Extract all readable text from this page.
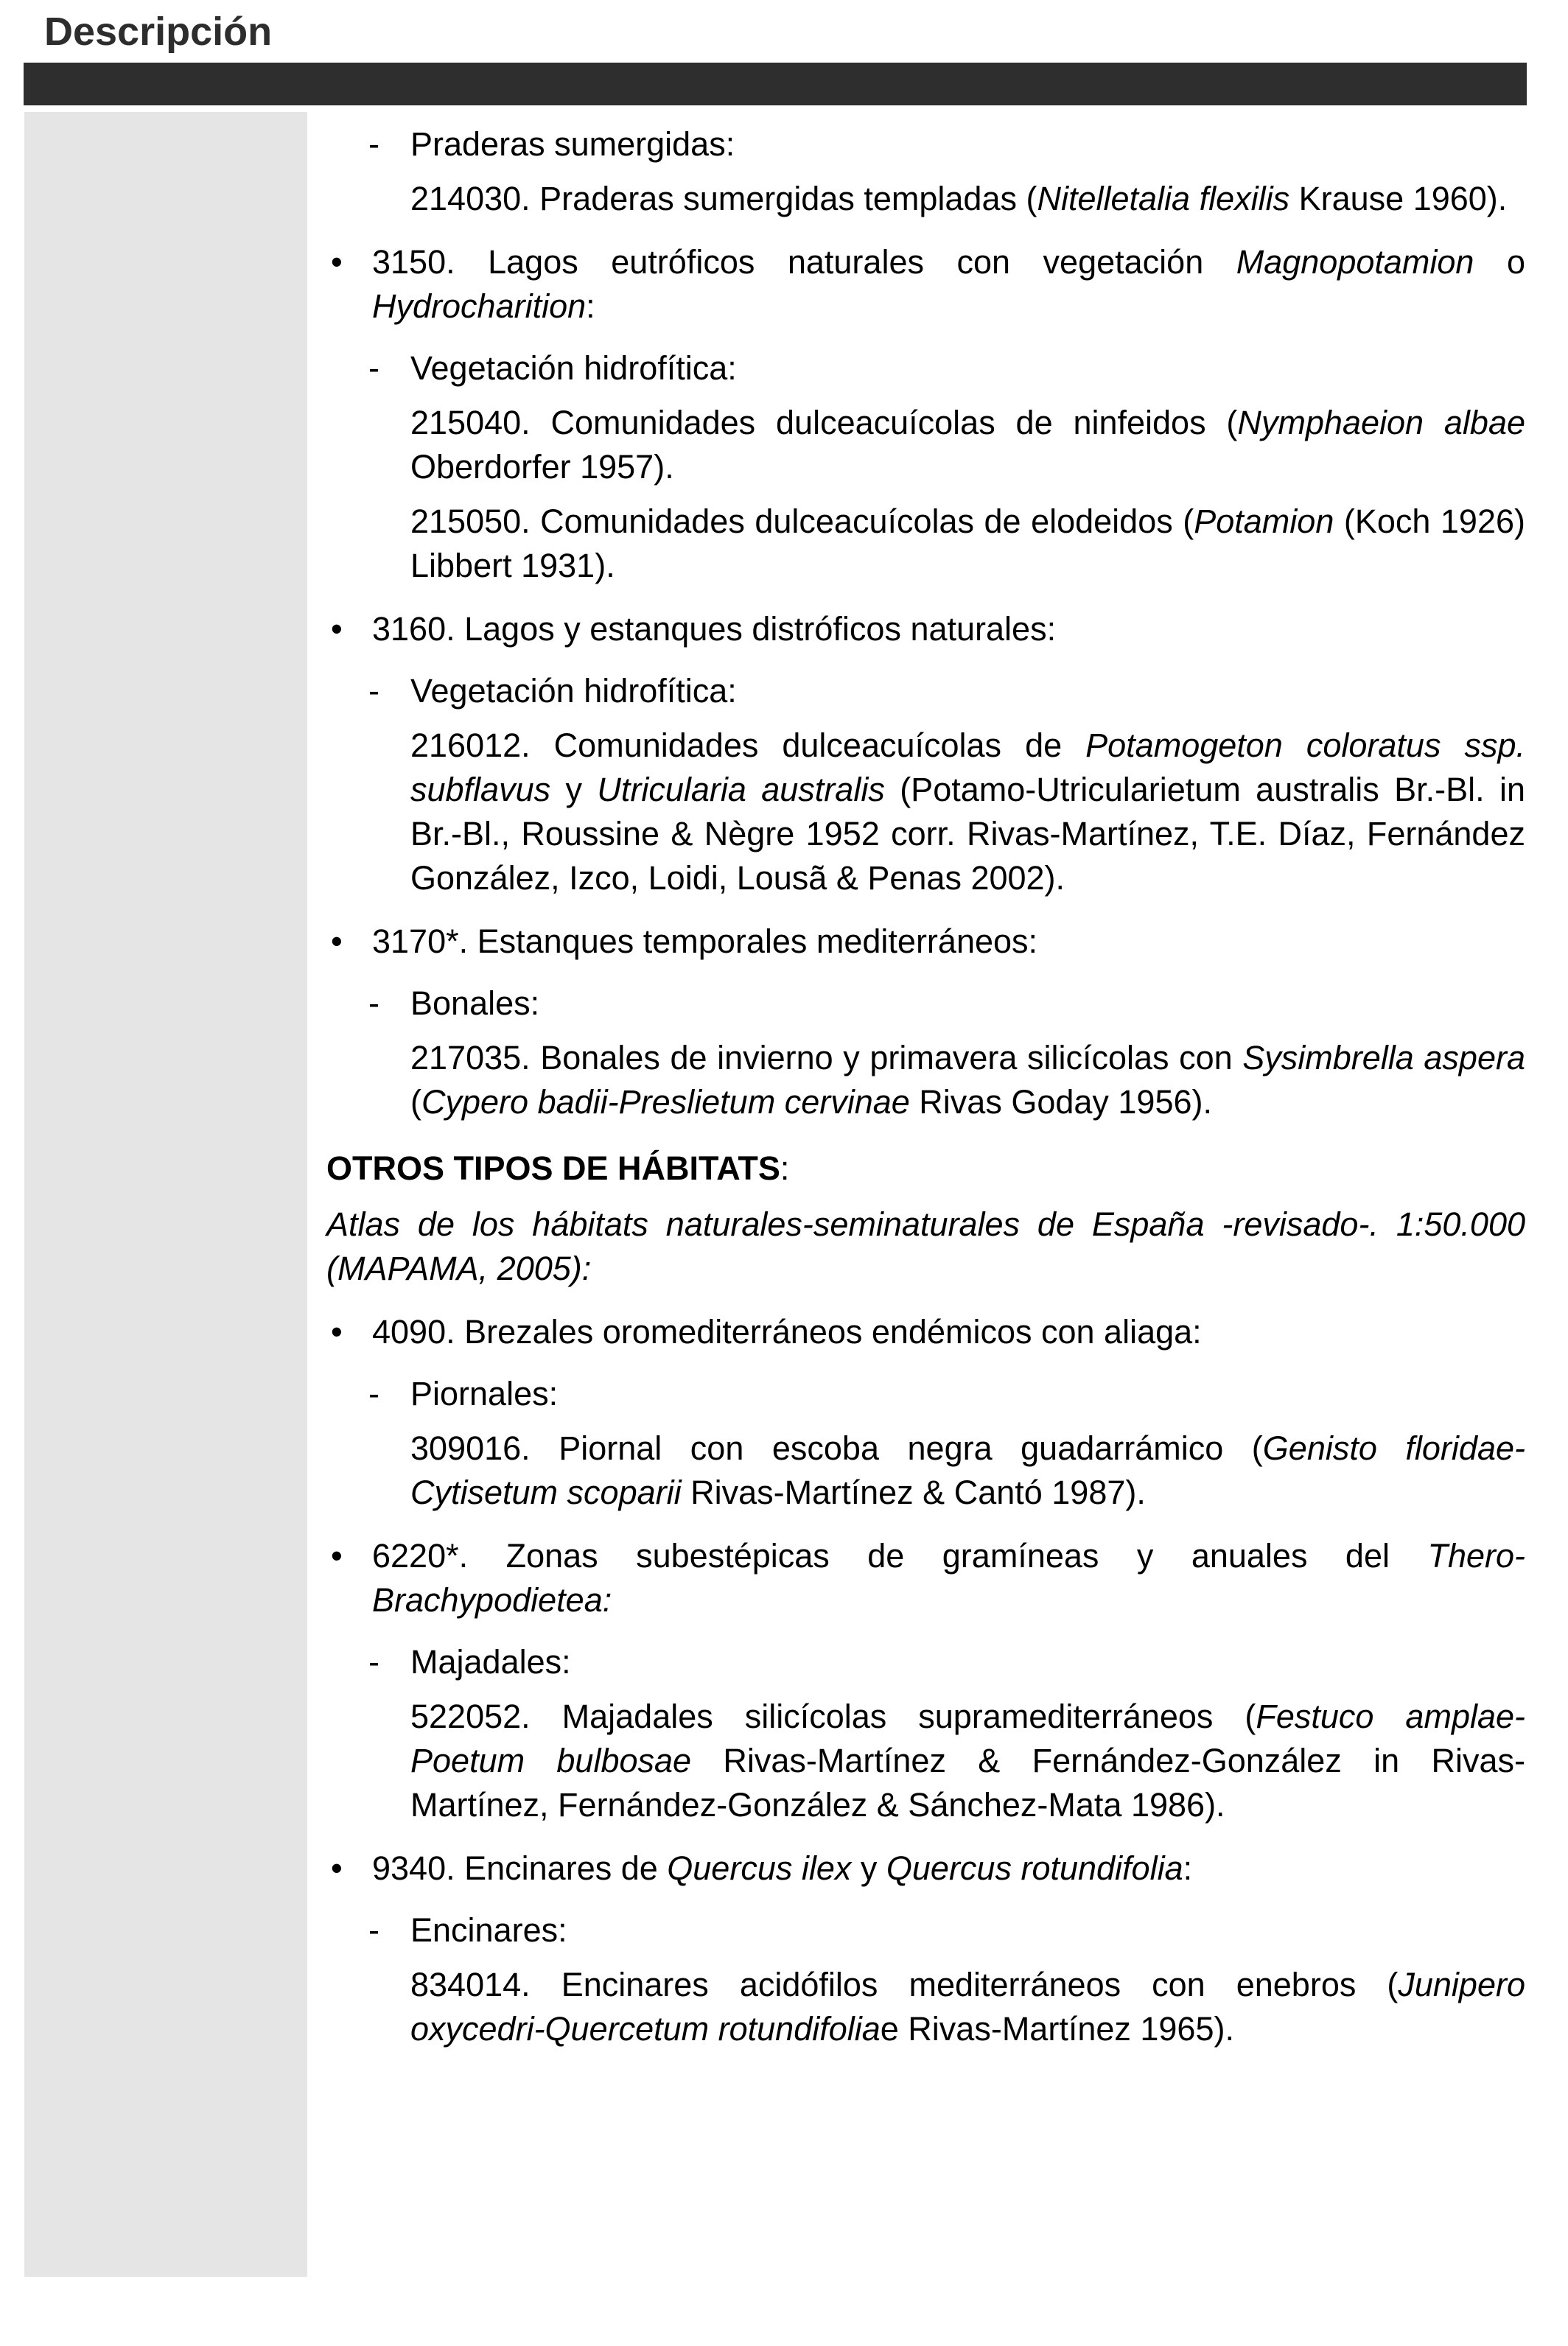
Descripción
- Praderas sumergidas:
214030. Praderas sumergidas templadas (Nitelletalia flexilis Krause 1960).
• 3150. Lagos eutróficos naturales con vegetación Magnopotamion o Hydrocharition:
- Vegetación hidrofítica:
215040. Comunidades dulceacuícolas de ninfeidos (Nymphaeion albae Oberdorfer 1957).
215050. Comunidades dulceacuícolas de elodeidos (Potamion (Koch 1926) Libbert 1931).
• 3160. Lagos y estanques distróficos naturales:
- Vegetación hidrofítica:
216012. Comunidades dulceacuícolas de Potamogeton coloratus ssp. subflavus y Utricularia australis (Potamo-Utricularietum australis Br.-Bl. in Br.-Bl., Roussine & Nègre 1952 corr. Rivas-Martínez, T.E. Díaz, Fernández González, Izco, Loidi, Lousã & Penas 2002).
• 3170*. Estanques temporales mediterráneos:
- Bonales:
217035. Bonales de invierno y primavera silicícolas con Sysimbrella aspera (Cypero badii-Preslietum cervinae Rivas Goday 1956).
OTROS TIPOS DE HÁBITATS:
Atlas de los hábitats naturales-seminaturales de España -revisado-. 1:50.000 (MAPAMA, 2005):
• 4090. Brezales oromediterráneos endémicos con aliaga:
- Piornales:
309016. Piornal con escoba negra guadarrámico (Genisto floridae-Cytisetum scoparii Rivas-Martínez & Cantó 1987).
• 6220*. Zonas subestépicas de gramíneas y anuales del Thero-Brachypodietea:
- Majadales:
522052. Majadales silicícolas supramediterráneos (Festuco amplae-Poetum bulbosae Rivas-Martínez & Fernández-González in Rivas-Martínez, Fernández-González & Sánchez-Mata 1986).
• 9340. Encinares de Quercus ilex y Quercus rotundifolia:
- Encinares:
834014. Encinares acidófilos mediterráneos con enebros (Junipero oxycedri-Quercetum rotundifoliae Rivas-Martínez 1965).
